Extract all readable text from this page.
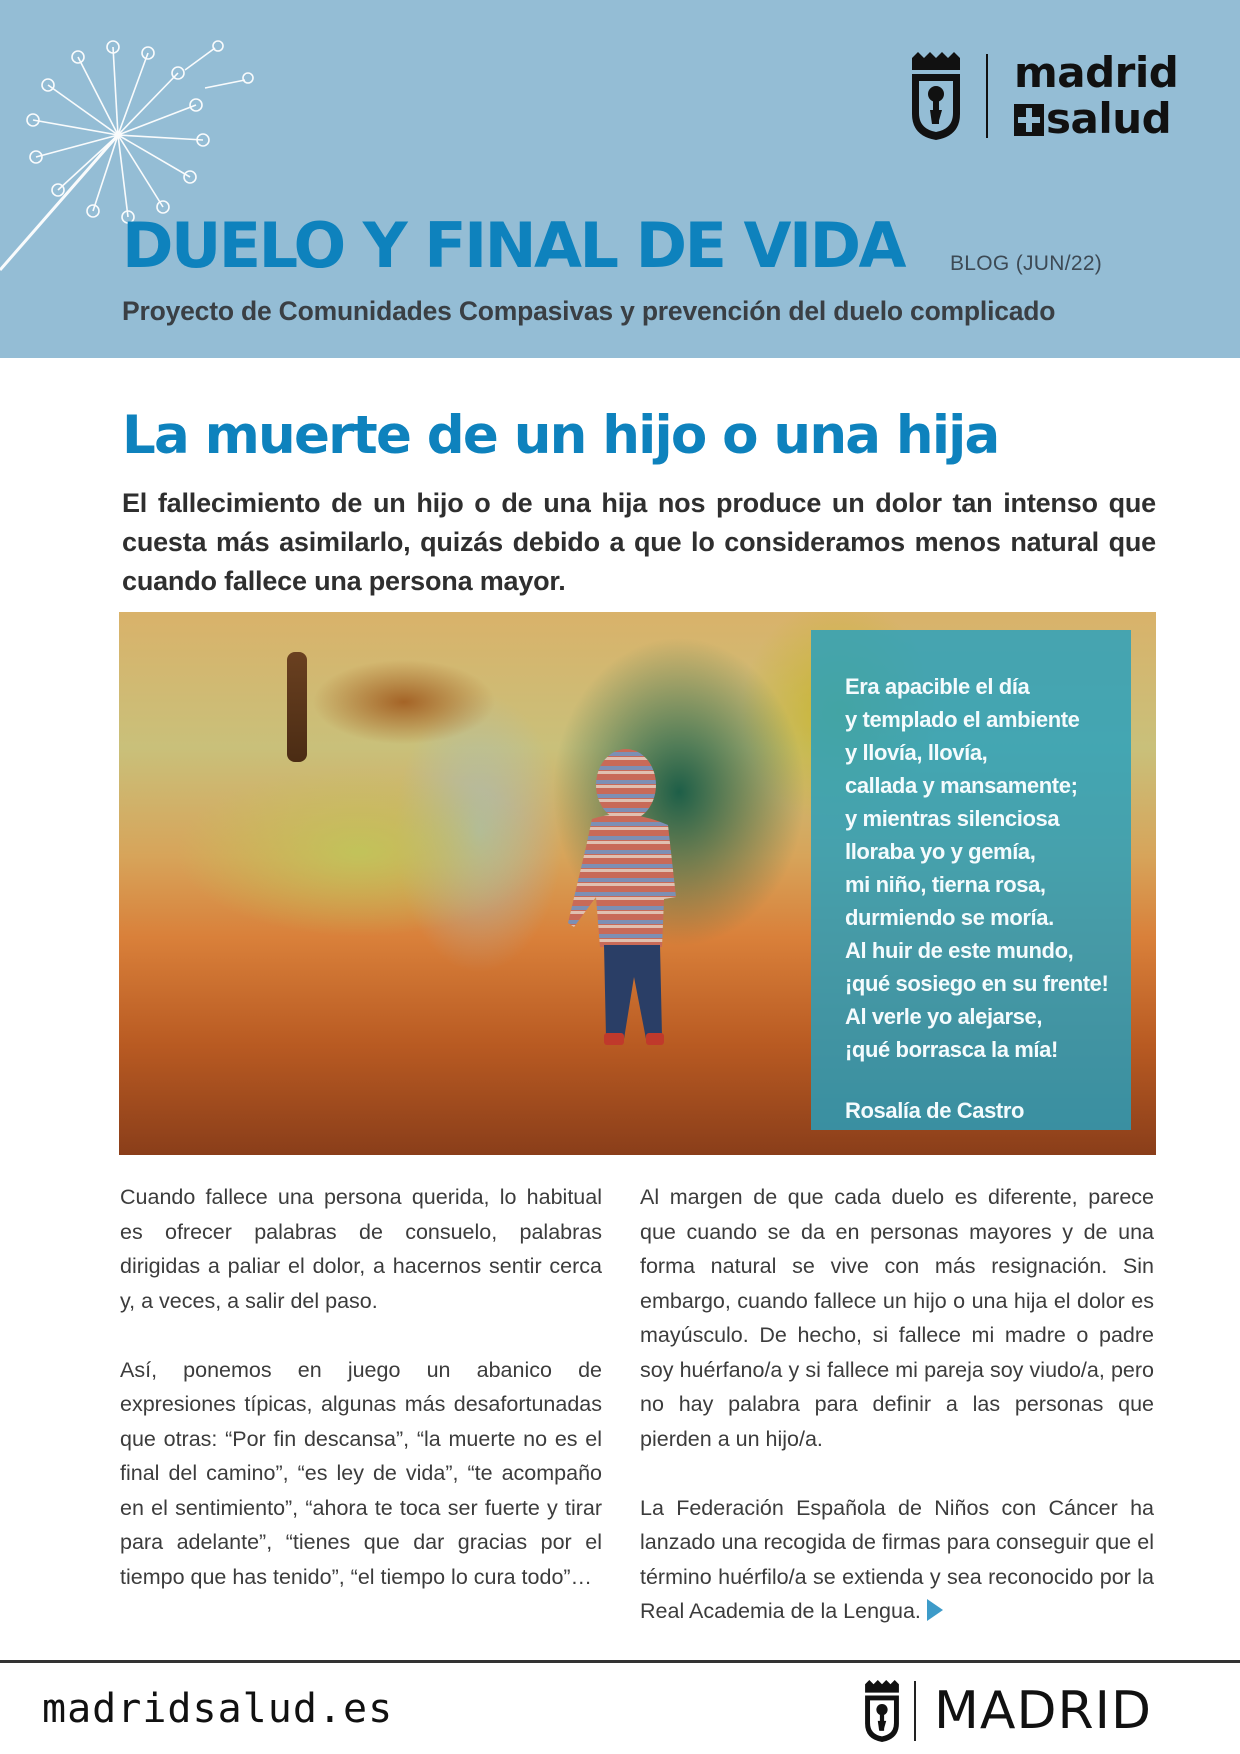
madrid
salud
DUELO Y FINAL DE VIDA BLOG (JUN/22)
Proyecto de Comunidades Compasivas y prevención del duelo complicado
La muerte de un hijo o una hija

El fallecimiento de un hijo o de una hija nos produce un dolor tan intenso que cuesta más asimilarlo, quizás debido a que lo consideramos menos natural que cuando fallece una persona mayor.

Era apacible el día
y templado el ambiente
y llovía, llovía,
callada y mansamente;
y mientras silenciosa
lloraba yo y gemía,
mi niño, tierna rosa,
durmiendo se moría.
Al huir de este mundo,
¡qué sosiego en su frente!
Al verle yo alejarse,
¡qué borrasca la mía!
Rosalía de Castro

Cuando fallece una persona querida, lo habitual es ofrecer palabras de consuelo, palabras dirigidas a paliar el dolor, a hacernos sentir cerca y, a veces, a salir del paso.

Así, ponemos en juego un abanico de expresiones típicas, algunas más desafortunadas que otras: “Por fin descansa”, “la muerte no es el final del camino”, “es ley de vida”, “te acompaño en el sentimiento”, “ahora te toca ser fuerte y tirar para adelante”, “tienes que dar gracias por el tiempo que has tenido”, “el tiempo lo cura todo”…

Al margen de que cada duelo es diferente, parece que cuando se da en personas mayores y de una forma natural se vive con más resignación. Sin embargo, cuando fallece un hijo o una hija el dolor es mayúsculo. De hecho, si fallece mi madre o padre soy huérfano/a y si fallece mi pareja soy viudo/a, pero no hay palabra para definir a las personas que pierden a un hijo/a.

La Federación Española de Niños con Cáncer ha lanzado una recogida de firmas para conseguir que el término huérfilo/a se extienda y sea reconocido por la Real Academia de la Lengua.

madridsalud.es	MADRID
